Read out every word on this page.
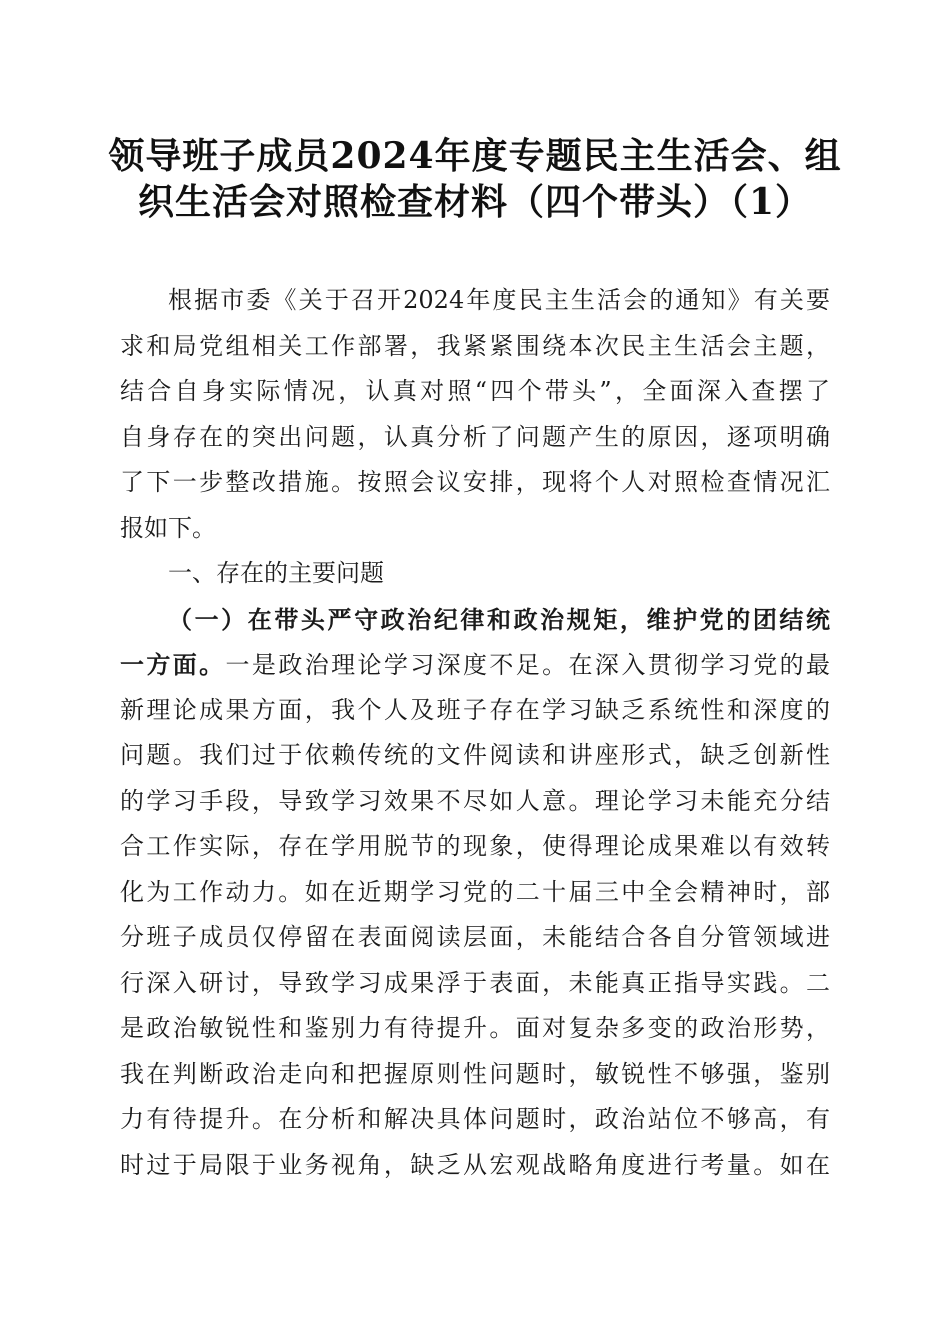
领导班子成员2024年度专题民主生活会、组
织生活会对照检查材料（四个带头）（1）
根据市委《关于召开2024年度民主生活会的通知》有关要
求和局党组相关工作部署，我紧紧围绕本次民主生活会主题，
结合自身实际情况，认真对照“四个带头”，全面深入查摆了
自身存在的突出问题，认真分析了问题产生的原因，逐项明确
了下一步整改措施。按照会议安排，现将个人对照检查情况汇
报如下。
一、存在的主要问题
（一）在带头严守政治纪律和政治规矩，维护党的团结统
一方面。一是政治理论学习深度不足。在深入贯彻学习党的最
新理论成果方面，我个人及班子存在学习缺乏系统性和深度的
问题。我们过于依赖传统的文件阅读和讲座形式，缺乏创新性
的学习手段，导致学习效果不尽如人意。理论学习未能充分结
合工作实际，存在学用脱节的现象，使得理论成果难以有效转
化为工作动力。如在近期学习党的二十届三中全会精神时，部
分班子成员仅停留在表面阅读层面，未能结合各自分管领域进
行深入研讨，导致学习成果浮于表面，未能真正指导实践。二
是政治敏锐性和鉴别力有待提升。面对复杂多变的政治形势，
我在判断政治走向和把握原则性问题时，敏锐性不够强，鉴别
力有待提升。在分析和解决具体问题时，政治站位不够高，有
时过于局限于业务视角，缺乏从宏观战略角度进行考量。如在
